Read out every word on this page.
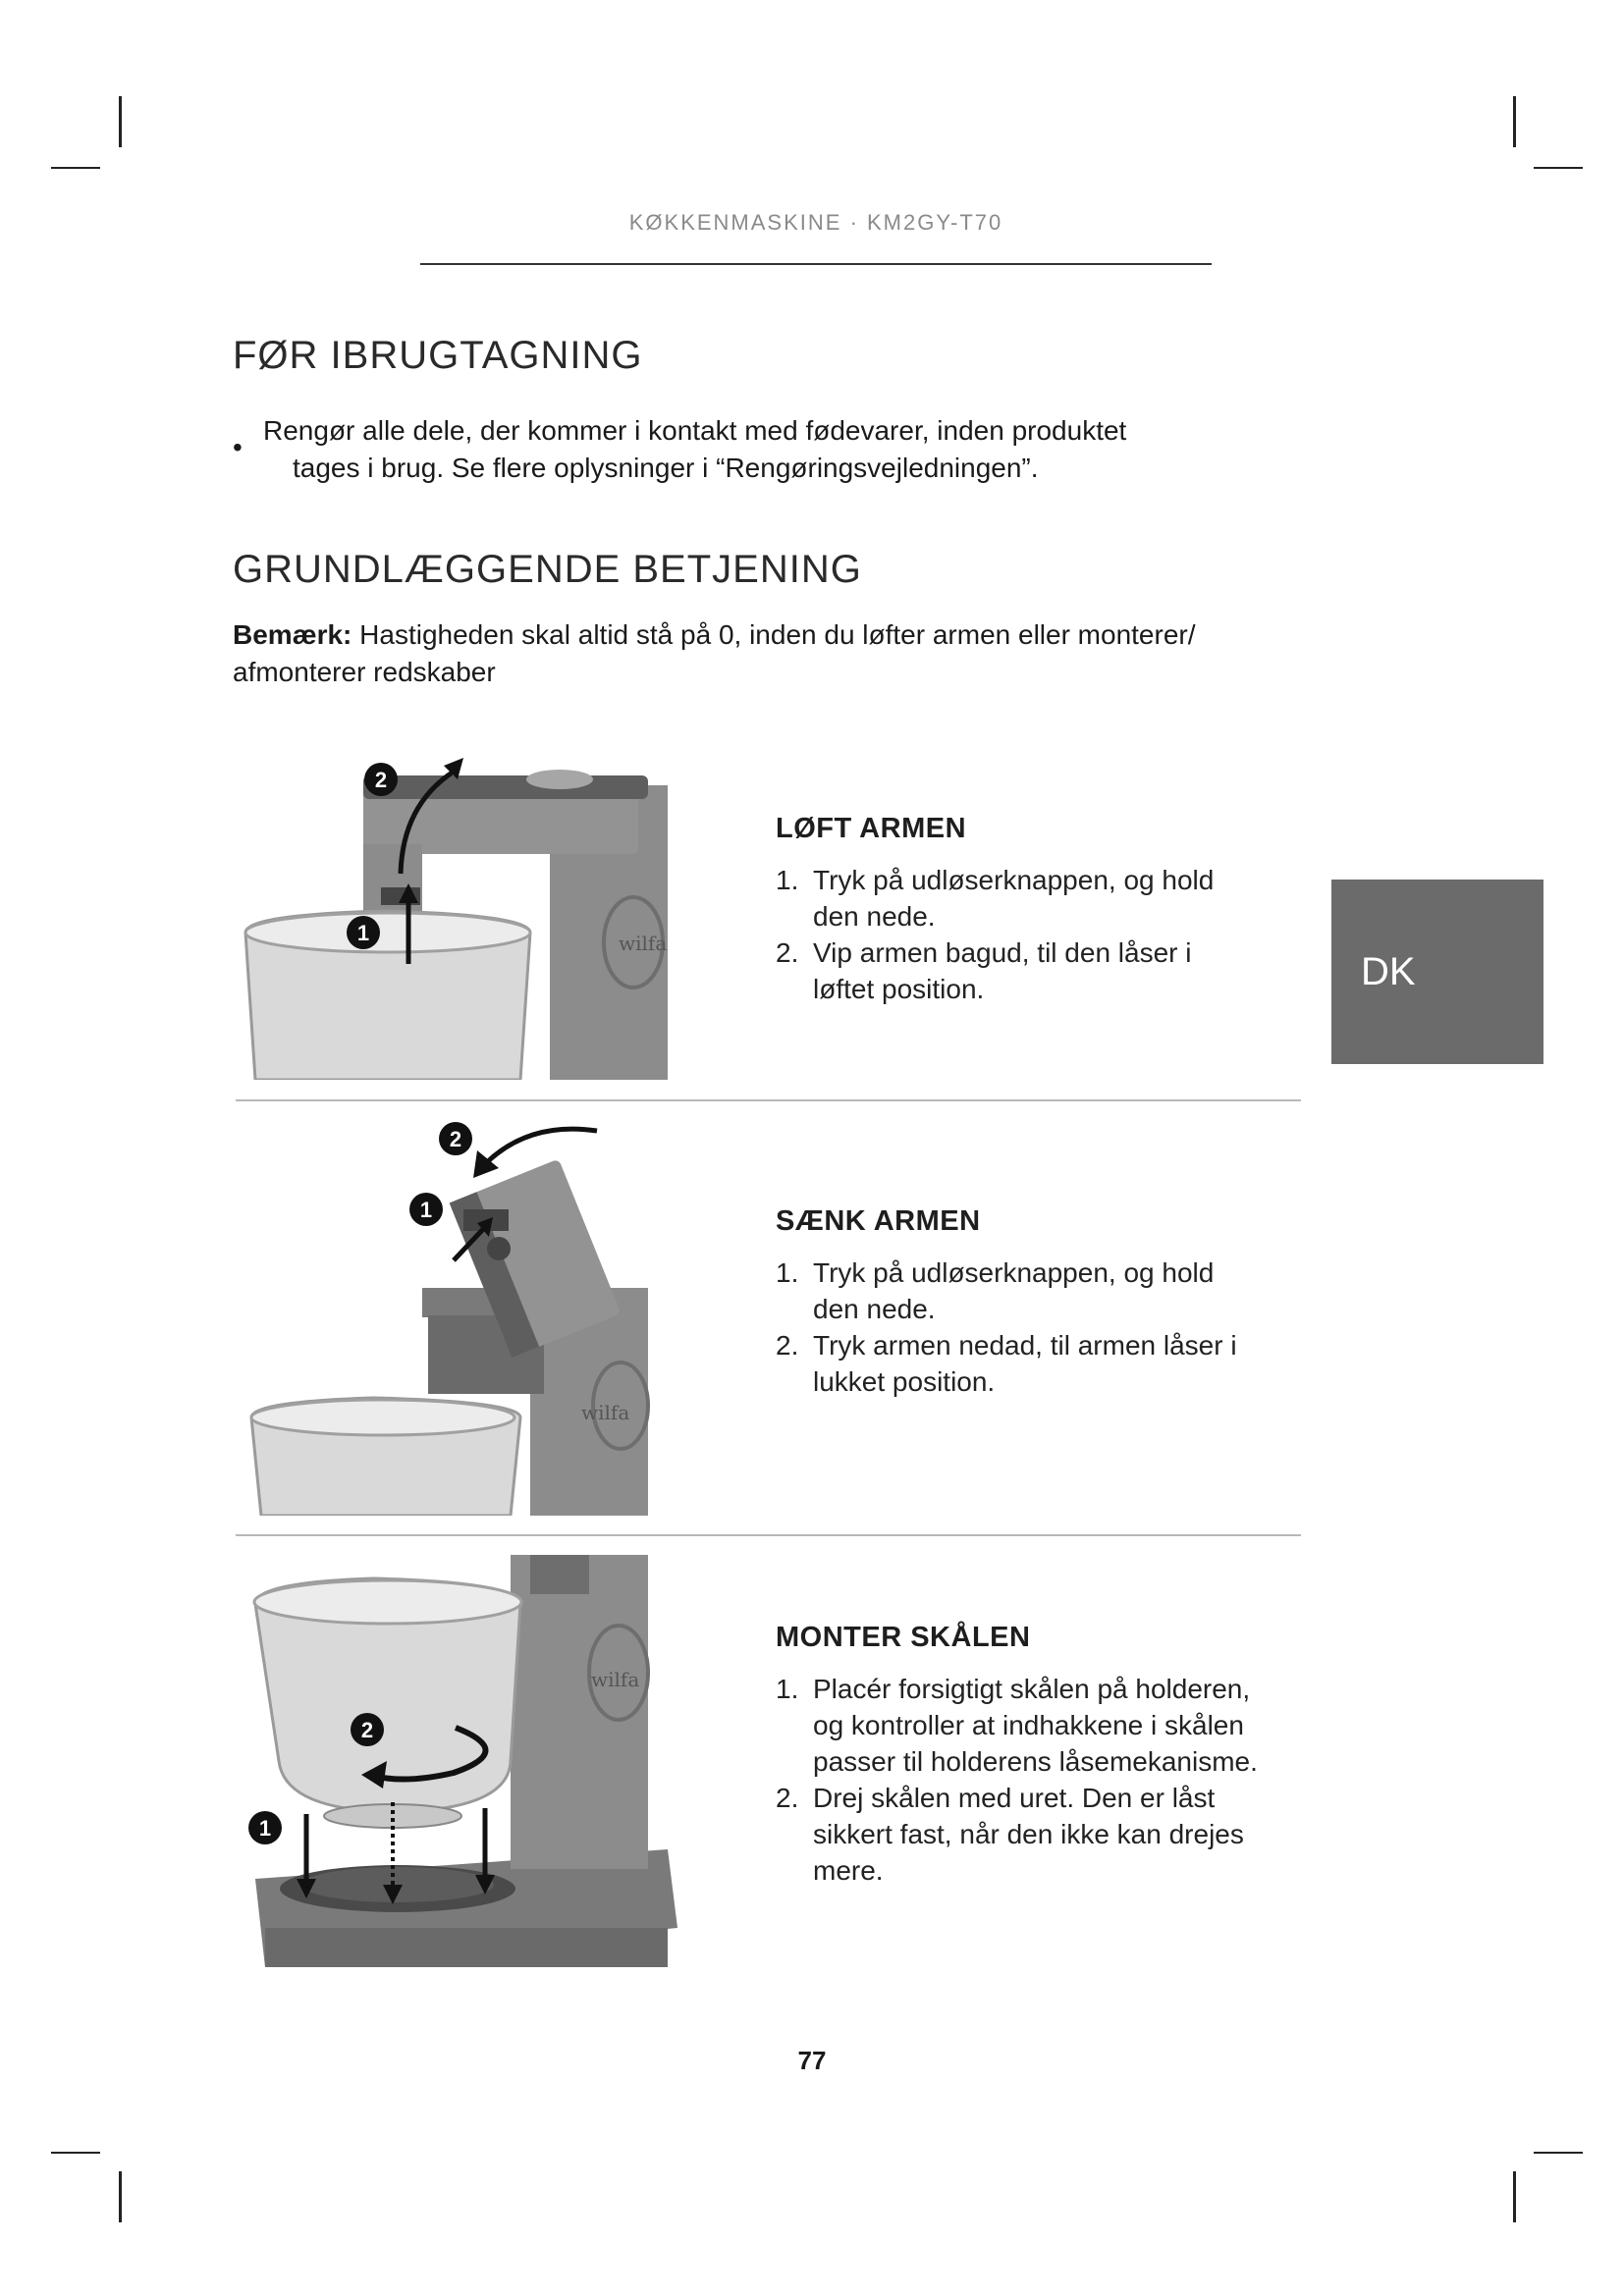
KØKKENMASKINE · KM2GY-T70
FØR IBRUGTAGNING
•
Rengør alle dele, der kommer i kontakt med fødevarer, inden produktet
tages i brug. Se flere oplysninger i “Rengøringsvejledningen”.
GRUNDLÆGGENDE BETJENING
Bemærk: Hastigheden skal altid stå på 0, inden du løfter armen eller monterer/
afmonterer redskaber
wilfa
1
2
LØFT ARMEN
1. Tryk på udløserknappen, og hold
den nede.
2. Vip armen bagud, til den låser i
løftet position.	DK
wilfa
1
2
SÆNK ARMEN
1. Tryk på udløserknappen, og hold
den nede.
2. Tryk armen nedad, til armen låser i
lukket position.
wilfa
1
2
MONTER SKÅLEN
1. Placér forsigtigt skålen på holderen,
og kontroller at indhakkene i skålen
passer til holderens låsemekanisme.
2. Drej skålen med uret. Den er låst
sikkert fast, når den ikke kan drejes
mere.
77
